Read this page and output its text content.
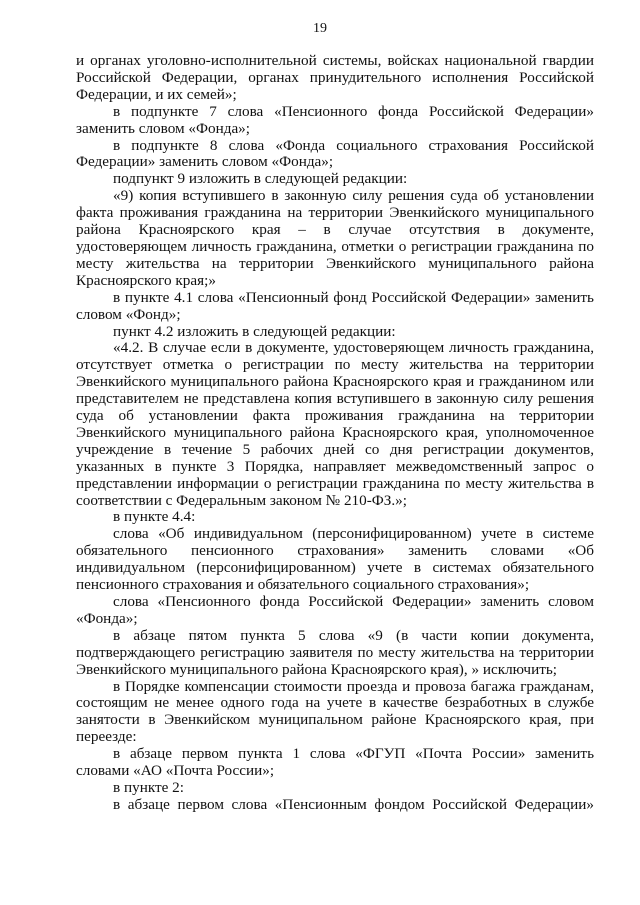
19

и органах уголовно-исполнительной системы, войсках национальной гвардии Российской Федерации, органах принудительного исполнения Российской Федерации, и их семей»;

в подпункте 7 слова «Пенсионного фонда Российской Федерации» заменить словом «Фонда»;

в подпункте 8 слова «Фонда социального страхования Российской Федерации» заменить словом «Фонда»;

подпункт 9 изложить в следующей редакции:

«9) копия вступившего в законную силу решения суда об установлении факта проживания гражданина на территории Эвенкийского муниципального района Красноярского края – в случае отсутствия в документе, удостоверяющем личность гражданина, отметки о регистрации гражданина по месту жительства на территории Эвенкийского муниципального района Красноярского края;»

в пункте 4.1 слова «Пенсионный фонд Российской Федерации» заменить словом «Фонд»;

пункт 4.2 изложить в следующей редакции:

«4.2. В случае если в документе, удостоверяющем личность гражданина, отсутствует отметка о регистрации по месту жительства на территории Эвенкийского муниципального района Красноярского края и гражданином или представителем не представлена копия вступившего в законную силу решения суда об установлении факта проживания гражданина на территории Эвенкийского муниципального района Красноярского края, уполномоченное учреждение в течение 5 рабочих дней со дня регистрации документов, указанных в пункте 3 Порядка, направляет межведомственный запрос о представлении информации о регистрации гражданина по месту жительства в соответствии с Федеральным законом № 210-ФЗ.»;

в пункте 4.4:

слова «Об индивидуальном (персонифицированном) учете в системе обязательного пенсионного страхования» заменить словами «Об индивидуальном (персонифицированном) учете в системах обязательного пенсионного страхования и обязательного социального страхования»;

слова «Пенсионного фонда Российской Федерации» заменить словом «Фонда»;

в абзаце пятом пункта 5 слова «9 (в части копии документа, подтверждающего регистрацию заявителя по месту жительства на территории Эвенкийского муниципального района Красноярского края), » исключить;

в Порядке компенсации стоимости проезда и провоза багажа гражданам, состоящим не менее одного года на учете в качестве безработных в службе занятости в Эвенкийском муниципальном районе Красноярского края, при переезде:

в абзаце первом пункта 1 слова «ФГУП «Почта России» заменить словами «АО «Почта России»;

в пункте 2:

в абзаце первом слова «Пенсионным фондом Российской Федерации»
